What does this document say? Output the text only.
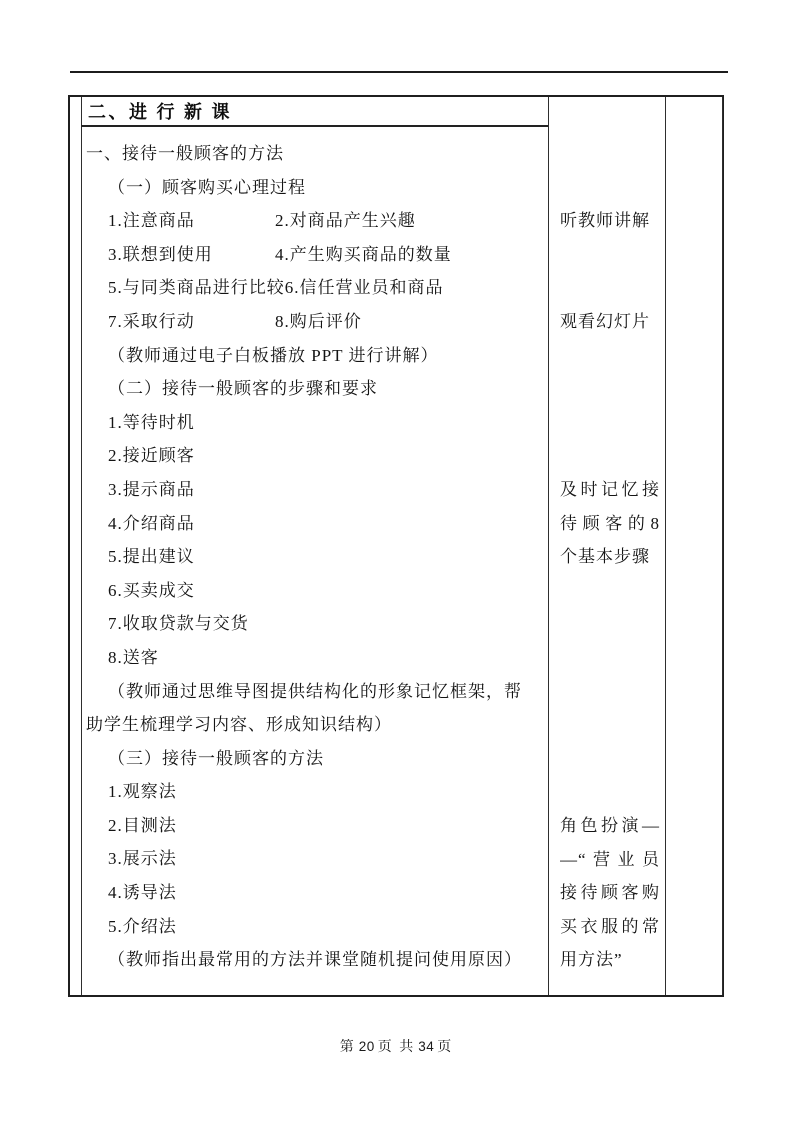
二、进 行 新 课
一、接待一般顾客的方法
（一）顾客购买心理过程
1.注意商品	2.对商品产生兴趣
3.联想到使用	4.产生购买商品的数量
5.与同类商品进行比较6.信任营业员和商品
7.采取行动	8.购后评价
（教师通过电子白板播放 PPT 进行讲解）
（二）接待一般顾客的步骤和要求
1.等待时机
2.接近顾客
3.提示商品
4.介绍商品
5.提出建议
6.买卖成交
7.收取贷款与交货
8.送客
（教师通过思维导图提供结构化的形象记忆框架，帮
助学生梳理学习内容、形成知识结构）
（三）接待一般顾客的方法
1.观察法
2.目测法
3.展示法
4.诱导法
5.介绍法
（教师指出最常用的方法并课堂随机提问使用原因）
听教师讲解
观看幻灯片
及时记忆接
待顾客的8
个基本步骤
角色扮演—
—“营业员
接待顾客购
买衣服的常
用方法”
第 20 页 共 34 页
